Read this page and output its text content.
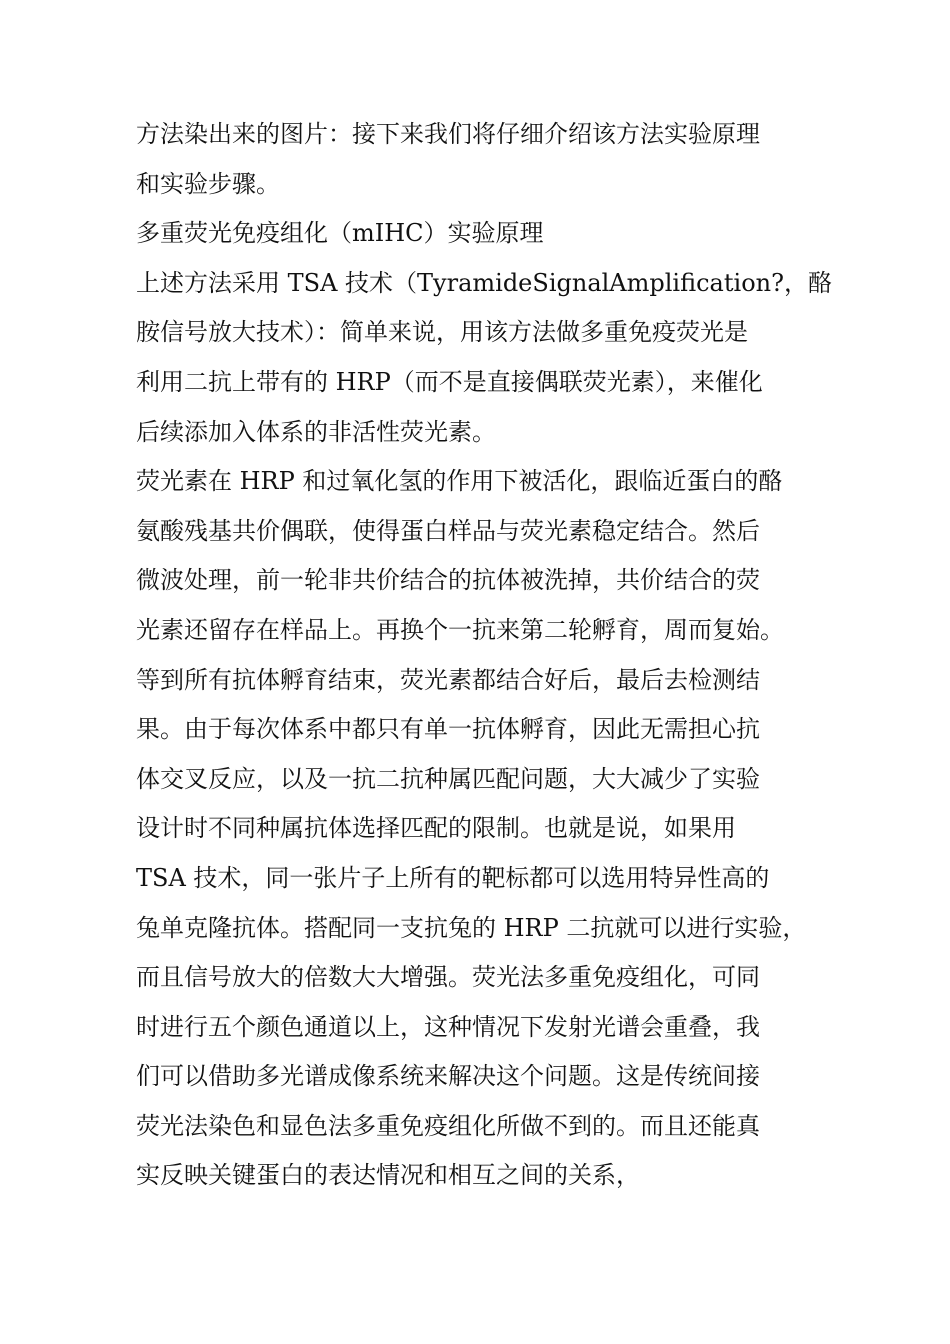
方法染出来的图片：接下来我们将仔细介绍该方法实验原理
和实验步骤。
多重荧光免疫组化（mIHC）实验原理
上述方法采用 TSA 技术（TyramideSignalAmplification?，酪
胺信号放大技术）：简单来说，用该方法做多重免疫荧光是
利用二抗上带有的 HRP（而不是直接偶联荧光素），来催化
后续添加入体系的非活性荧光素。
荧光素在 HRP 和过氧化氢的作用下被活化，跟临近蛋白的酪
氨酸残基共价偶联，使得蛋白样品与荧光素稳定结合。然后
微波处理，前一轮非共价结合的抗体被洗掉，共价结合的荧
光素还留存在样品上。再换个一抗来第二轮孵育，周而复始。
等到所有抗体孵育结束，荧光素都结合好后，最后去检测结
果。由于每次体系中都只有单一抗体孵育，因此无需担心抗
体交叉反应，以及一抗二抗种属匹配问题，大大减少了实验
设计时不同种属抗体选择匹配的限制。也就是说，如果用
TSA 技术，同一张片子上所有的靶标都可以选用特异性高的
兔单克隆抗体。搭配同一支抗兔的 HRP 二抗就可以进行实验，
而且信号放大的倍数大大增强。荧光法多重免疫组化，可同
时进行五个颜色通道以上，这种情况下发射光谱会重叠，我
们可以借助多光谱成像系统来解决这个问题。这是传统间接
荧光法染色和显色法多重免疫组化所做不到的。而且还能真
实反映关键蛋白的表达情况和相互之间的关系，
